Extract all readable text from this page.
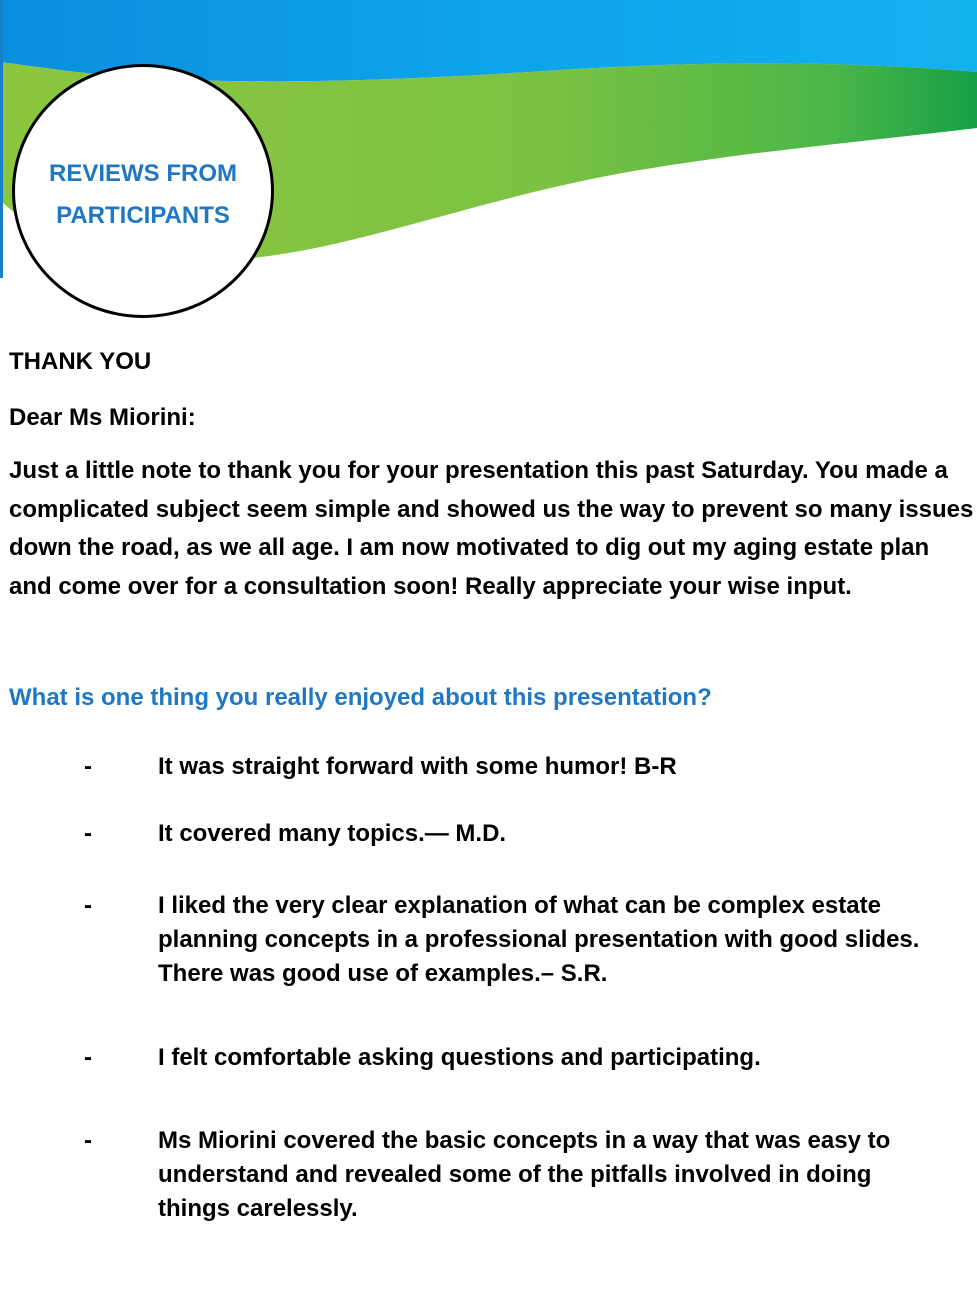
REVIEWS FROM PARTICIPANTS

THANK YOU

Dear Ms Miorini:

Just a little note to thank you for your presentation this past Saturday. You made a complicated subject seem simple and showed us the way to prevent so many issues down the road, as we all age. I am now motivated to dig out my aging estate plan and come over for a consultation soon! Really appreciate your wise input.

What is one thing you really enjoyed about this presentation?

-	It was straight forward with some humor! B-R
-	It covered many topics.— M.D.
-	I liked the very clear explanation of what can be complex estate planning concepts in a professional presentation with good slides. There was good use of examples.– S.R.
-	I felt comfortable asking questions and participating.
-	Ms Miorini covered the basic concepts in a way that was easy to understand and revealed some of the pitfalls involved in doing things carelessly.
